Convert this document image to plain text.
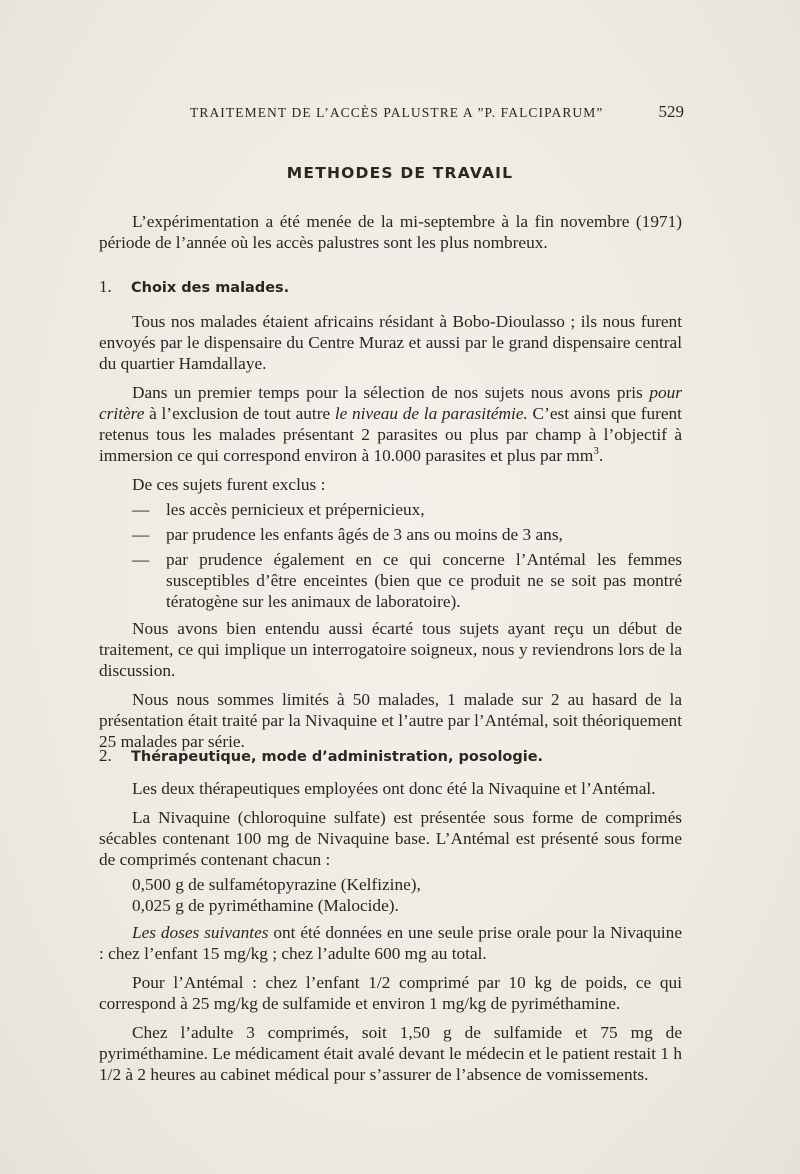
TRAITEMENT DE L’ACCÈS PALUSTRE A ”P. FALCIPARUM”	529
METHODES DE TRAVAIL

L’expérimentation a été menée de la mi-septembre à la fin novembre (1971) période de l’année où les accès palustres sont les plus nombreux.

1.	Choix des malades.

Tous nos malades étaient africains résidant à Bobo-Dioulasso ; ils nous furent envoyés par le dispensaire du Centre Muraz et aussi par le grand dispensaire central du quartier Hamdallaye.

Dans un premier temps pour la sélection de nos sujets nous avons pris pour critère à l’exclusion de tout autre le niveau de la parasitémie. C’est ainsi que furent retenus tous les malades présentant 2 parasites ou plus par champ à l’objectif à immersion ce qui correspond environ à 10.000 parasites et plus par $mm^3$.

De ces sujets furent exclus :

— les accès pernicieux et prépernicieux,
— par prudence les enfants âgés de 3 ans ou moins de 3 ans,
— par prudence également en ce qui concerne l’Antémal les femmes susceptibles d’être enceintes (bien que ce produit ne se soit pas montré tératogène sur les animaux de laboratoire).

Nous avons bien entendu aussi écarté tous sujets ayant reçu un début de traitement, ce qui implique un interrogatoire soigneux, nous y reviendrons lors de la discussion.

Nous nous sommes limités à 50 malades, 1 malade sur 2 au hasard de la présentation était traité par la Nivaquine et l’autre par l’Antémal, soit théoriquement 25 malades par série.

2.	Thérapeutique, mode d’administration, posologie.

Les deux thérapeutiques employées ont donc été la Nivaquine et l’Antémal.

La Nivaquine (chloroquine sulfate) est présentée sous forme de comprimés sécables contenant 100 mg de Nivaquine base. L’Antémal est présenté sous forme de comprimés contenant chacun :

0,500 g de sulfamétopyrazine (Kelfizine),
0,025 g de pyriméthamine (Malocide).

Les doses suivantes ont été données en une seule prise orale pour la Nivaquine : chez l’enfant 15 mg/kg ; chez l’adulte 600 mg au total.

Pour l’Antémal : chez l’enfant 1/2 comprimé par 10 kg de poids, ce qui correspond à 25 mg/kg de sulfamide et environ 1 mg/kg de pyriméthamine.

Chez l’adulte 3 comprimés, soit 1,50 g de sulfamide et 75 mg de pyriméthamine. Le médicament était avalé devant le médecin et le patient restait 1 h 1/2 à 2 heures au cabinet médical pour s’assurer de l’absence de vomissements.
